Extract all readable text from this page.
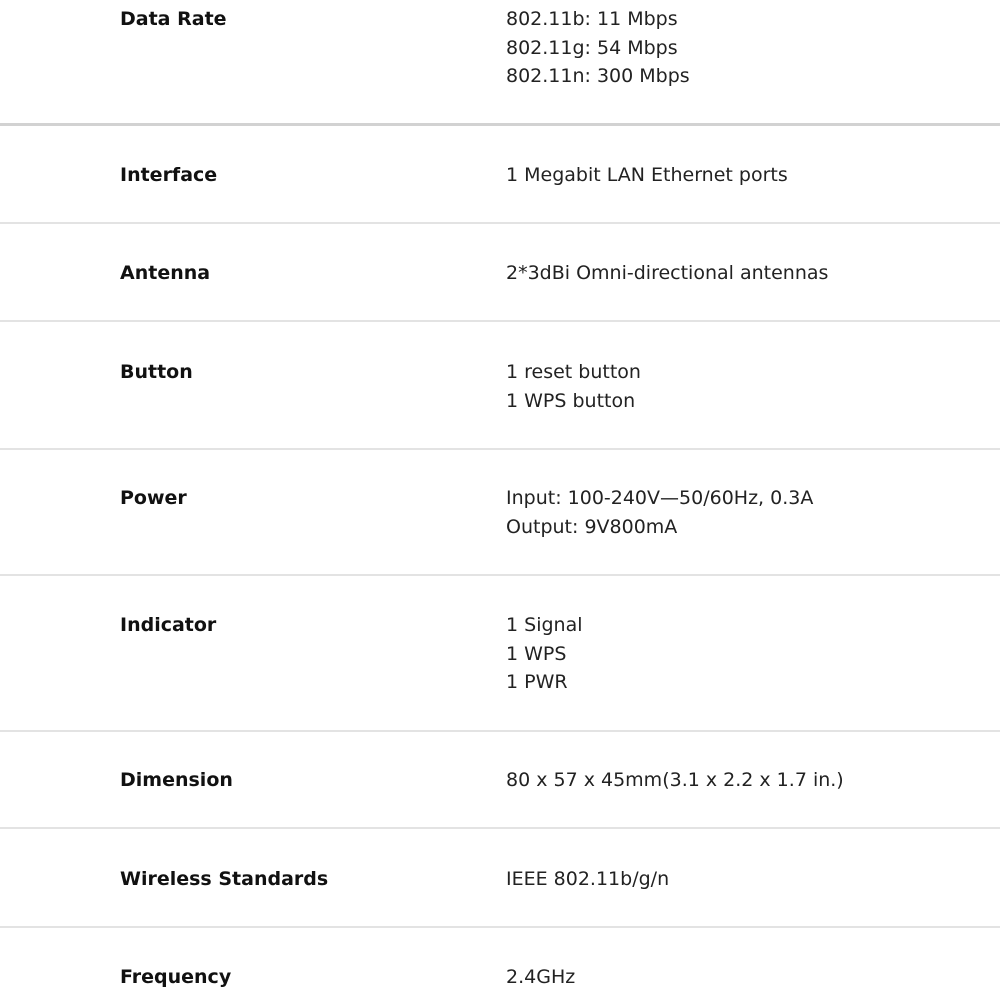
Data Rate	802.11b: 11 Mbps
802.11g: 54 Mbps
802.11n: 300 Mbps
Interface	1 Megabit LAN Ethernet ports
Antenna	2*3dBi Omni-directional antennas
Button	1 reset button
1 WPS button
Power	Input: 100-240V—50/60Hz, 0.3A
Output: 9V800mA
Indicator	1 Signal
1 WPS
1 PWR
Dimension	80 x 57 x 45mm(3.1 x 2.2 x 1.7 in.)
Wireless Standards	IEEE 802.11b/g/n
Frequency	2.4GHz
